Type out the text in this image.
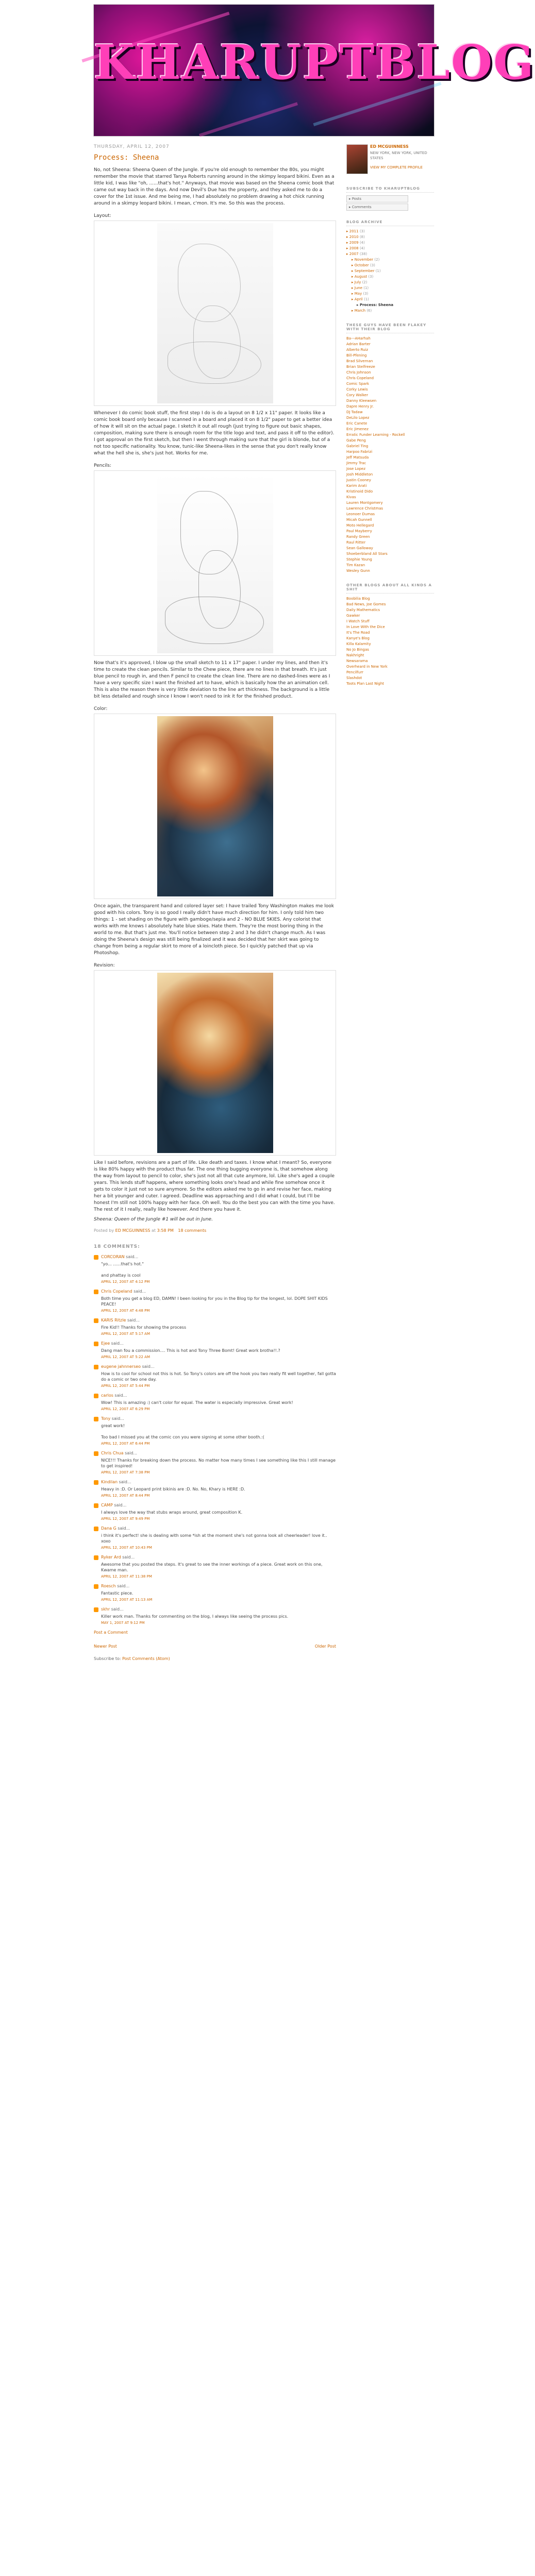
KHARUPTBLOG
THURSDAY, APRIL 12, 2007
Process: Sheena

No, not Sheena: Sheena Queen of the Jungle. If you're old enough to remember the 80s, you might remember the movie that starred Tanya Roberts running around in the skimpy leopard bikini. Even as a little kid, I was like "oh, ......that's hot." Anyways, that movie was based on the Sheena comic book that came out way back in the days. And now Devil's Due has the property, and they asked me to do a cover for the 1st issue. And me being me, I had absolutely no problem drawing a hot chick running around in a skimpy leopard bikini. I mean, c'mon. It's me. So this was the process.

Layout:

Whenever I do comic book stuff, the first step I do is do a layout on 8 1/2 x 11" paper. It looks like a comic book board only because I scanned in a board and placed it on 8 1/2" paper to get a better idea of how it will sit on the actual page. I sketch it out all rough (just trying to figure out basic shapes, composition, making sure there is enough room for the title logo and text, and pass it off to the editor). I got approval on the first sketch, but then I went through making sure that the girl is blonde, but of a not too specific nationality. You know, tunic-like Sheena-likes in the sense that you don't really know what the hell she is, she's just hot. Works for me.

Pencils:

Now that's it's approved, I blow up the small sketch to 11 x 17" paper. I under my lines, and then it's time to create the clean pencils. Similar to the Chew piece, there are no lines in that breath. It's just blue pencil to rough in, and then F pencil to create the clean line. There are no dashed-lines were as I have a very specific size I want the finished art to have, which is basically how the an animation cell. This is also the reason there is very little deviation to the line art thickness. The background is a little bit less detailed and rough since I know I won't need to ink it for the finished product.

Color:

Once again, the transparent hand and colored layer set: I have trailed Tony Washington makes me look good with his colors. Tony is so good I really didn't have much direction for him. I only told him two things: 1 - set shading on the figure with gamboge/sepia and 2 - NO BLUE SKIES. Any colorist that works with me knows I absolutely hate blue skies. Hate them. They're the most boring thing in the world to me. But that's just me. You'll notice between step 2 and 3 he didn't change much. As I was doing the Sheena's design was still being finalized and it was decided that her skirt was going to change from being a regular skirt to more of a loincloth piece. So I quickly patched that up via Photoshop.

Revision:

Like I said before, revisions are a part of life. Like death and taxes. I know what I meant? So, everyone is like 80% happy with the product thus far. The one thing bugging everyone is, that somehow along the way from layout to pencil to color, she's just not all that cute anymore, lol. Like she's aged a couple years. This lends stuff happens, where something looks one's head and while fine somehow once it gets to color it just not so sure anymore. So the editors asked me to go in and revise her face, making her a bit younger and cuter. I agreed. Deadline was approaching and I did what I could, but I'll be honest I'm still not 100% happy with her face. Oh well. You do the best you can with the time you have. The rest of it I really, really like however. And there you have it.

Sheena: Queen of the Jungle #1 will be out in June.

Posted by ED MCGUINNESS at 3:58 PM 18 comments
18 COMMENTS:
CORCORAN said...
"yo... ......that's hot."

and phattay is cool
APRIL 12, 2007 AT 4:12 PM
Chris Copeland said...
Both time you get a blog ED, DAMN! I been looking for you in the Blog tip for the longest, lol. DOPE SHIT KIDS PEACE!
APRIL 12, 2007 AT 4:48 PM
KARIS Ritzle said...
Fire Kid!! Thanks for showing the process
APRIL 12, 2007 AT 5:17 AM
Ejee said...
Dang man fou a commission.... This is hot and Tony Three Bomt! Great work brotha!!.?
APRIL 12, 2007 AT 5:22 AM
eugene jahnnerseo said...
How is to cool for school not this is hot. So Tony's colors are off the hook you two really fit well together, fall gotta do a comic or two one day.
APRIL 12, 2007 AT 5:44 PM
carlos said...
Wow! This is amazing :) can't color for equal. The water is especially impressive. Great work!
APRIL 12, 2007 AT 6:29 PM
Tony said...
great work!

Too bad I missed you at the comic con you were signing at some other booth.:(
APRIL 12, 2007 AT 6:44 PM
Chris Chua said...
NICE!!! Thanks for breaking down the process. No matter how many times I see something like this I still manage to get inspired!
APRIL 12, 2007 AT 7:38 PM
Kindilan said...
Heavy in :D. Or Leopard print bikinis are :D. No. No, Khary is HERE :D.
APRIL 12, 2007 AT 8:44 PM
CAMP said...
I always love the way that stubs wraps around, great composition K.
APRIL 12, 2007 AT 9:49 PM
Dana G said...
i think it's perfect! she is dealing with some *ish at the moment she's not gonna look all cheerleader! love it.. xoxo
APRIL 12, 2007 AT 10:43 PM
Ryker Ard said...
Awesome that you posted the steps. It's great to see the inner workings of a piece. Great work on this one, Kwame man.
APRIL 12, 2007 AT 11:38 PM
Roesch said...
Fantastic piece.
APRIL 12, 2007 AT 11:13 AM
skhr said...
Killer work man. Thanks for commenting on the blog, I always like seeing the process pics.
MAY 1, 2007 AT 9:12 PM
Post a Comment
Newer Post	Older Post
Subscribe to: Post Comments (Atom)
ED MCGUINNESS
NEW YORK, NEW YORK, UNITED STATES
VIEW MY COMPLETE PROFILE
SUBSCRIBE TO KHARUPTBLOG
▸ Posts
▸ Comments
BLOG ARCHIVE
▸ 2011 (3)
▸ 2010 (8)
▸ 2009 (4)
▸ 2008 (4)
▸ 2007 (38)
▸ November (2)
▸ October (3)
▸ September (1)
▸ August (3)
▸ July (2)
▸ June (1)
▸ May (3)
▸ April (1)
▸ Process: Sheena
▸ March (6)
THESE GUYS HAVE BEEN FLAKEY WITH THEIR BLOG
Ba---AHarhah
Adrian Barter
Alberto Ruiz
Bill-Pfening
Brad Silvernan
Brian Stelfreeze
Chris Johnson
Chris Copeland
Comic Spark
Corky Lewis
Cory Walker
Danny Kleewsen
Dapre Henry Jr.
DJ Tadaw
DeLilo Lopez
Eric Canete
Eric Jimenez
Erratic Funder Learning - Rockell
Gabe Peng
Gabriel Ting
Harpoo Fabrizi
Jeff Matsuda
Jimmy Trac
Jose Lopez
Josh Middleton
Justin Cooney
Karim Arati
Kristinoid Dido
Kivas
Lauren Montgomery
Lawrence Christmas
Leonoer Dumas
Micah Gunnell
Moto Hellegard
Paul Mayberry
Randy Green
Raul Ritter
Sean Galloway
Shoeberbland All Stars
Stephie Young
Tim Kazan
Wesley Gunn
OTHER BLOGS ABOUT ALL KINDS A SHIT
Boobilia Blog
Bad News, Joe Gomes
Daily Mathematics
Gawker
I Watch Stuff
In Love With the Dice
It's The Road
Kanye's Blog
Killa Kalamity
No Jo Bingas
Nakhright
Newsarama
Overheard in New York
Pencilfurr
Slashdot
Toots Plan Last Night
